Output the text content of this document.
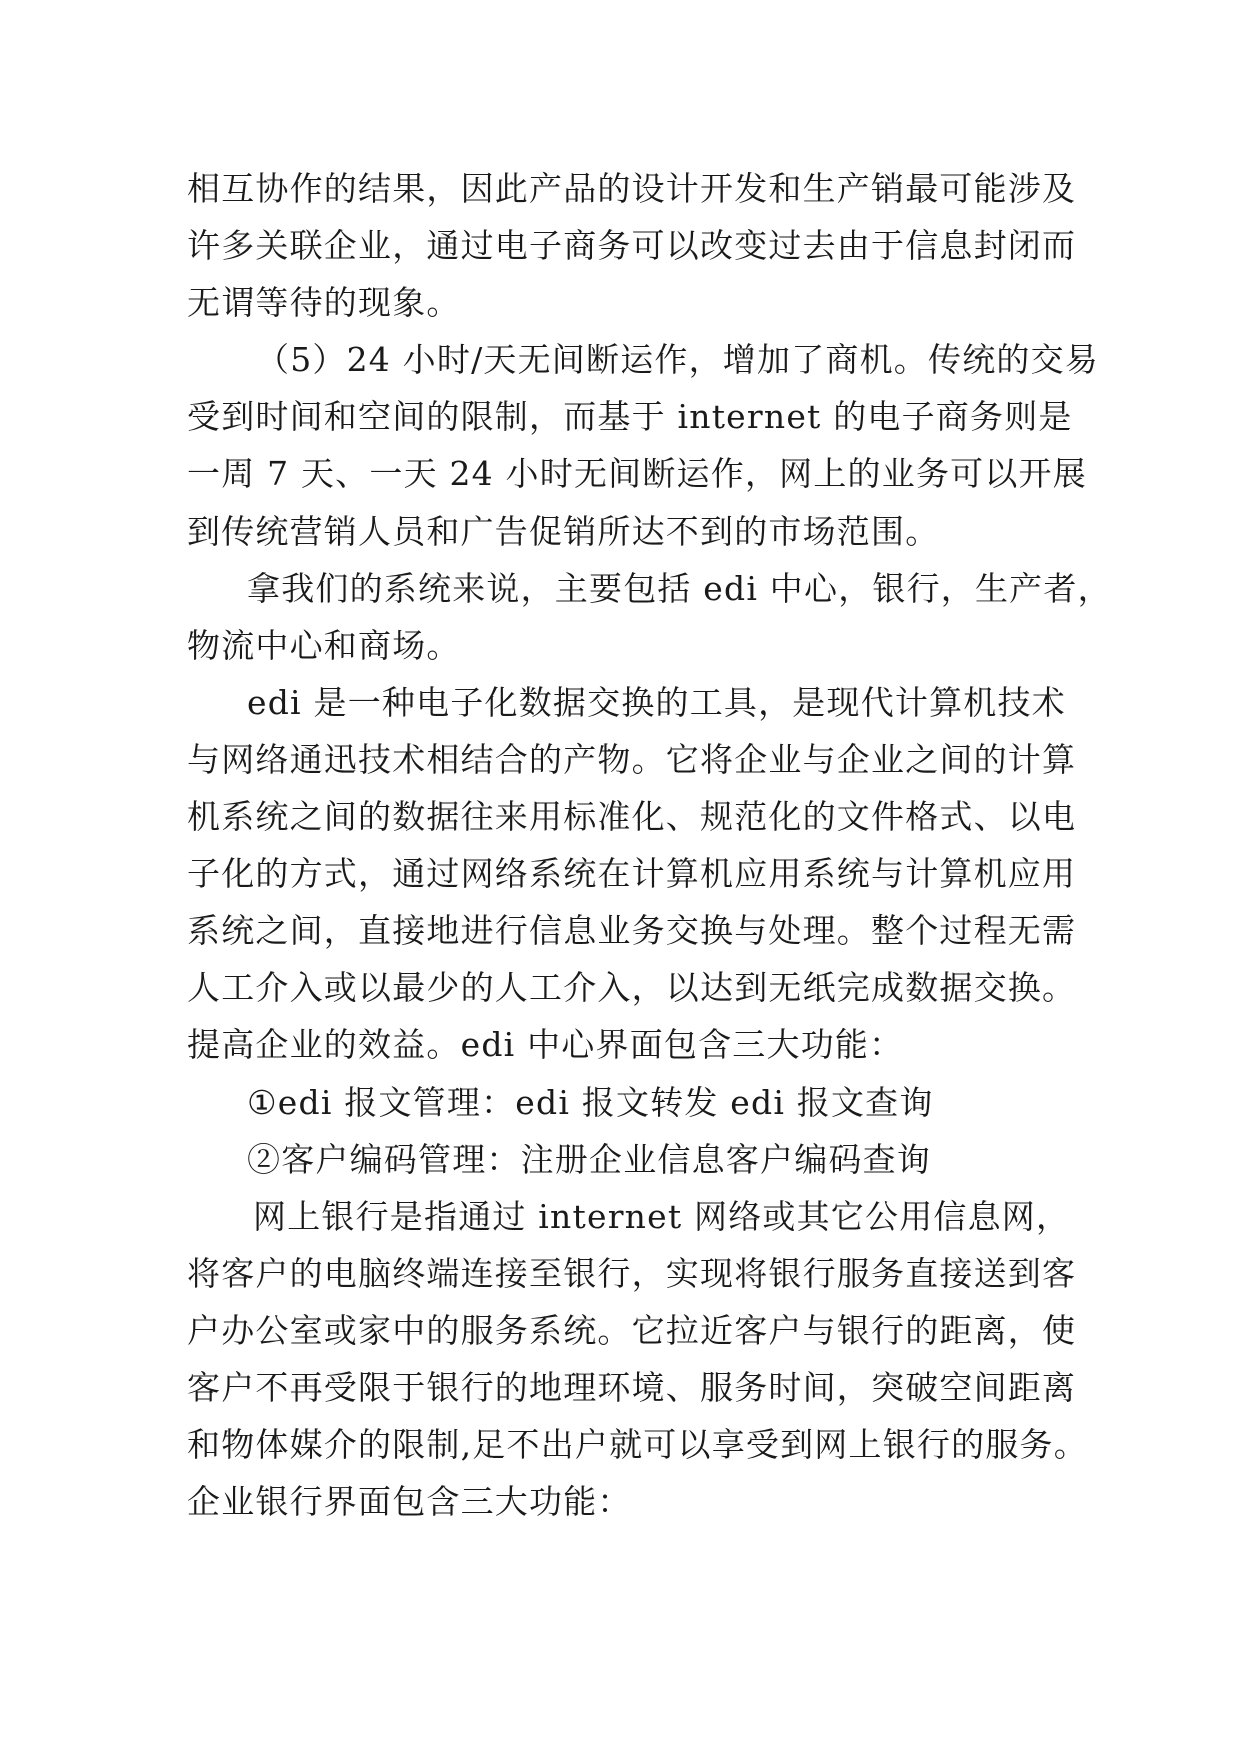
相互协作的结果，因此产品的设计开发和生产销最可能涉及
许多关联企业，通过电子商务可以改变过去由于信息封闭而
无谓等待的现象。
（5）24 小时/天无间断运作，增加了商机。传统的交易
受到时间和空间的限制，而基于 internet 的电子商务则是
一周 7 天、一天 24 小时无间断运作，网上的业务可以开展
到传统营销人员和广告促销所达不到的市场范围。
拿我们的系统来说，主要包括 edi 中心，银行，生产者，
物流中心和商场。
edi 是一种电子化数据交换的工具，是现代计算机技术
与网络通迅技术相结合的产物。它将企业与企业之间的计算
机系统之间的数据往来用标准化、规范化的文件格式、以电
子化的方式，通过网络系统在计算机应用系统与计算机应用
系统之间，直接地进行信息业务交换与处理。整个过程无需
人工介入或以最少的人工介入，以达到无纸完成数据交换。
提高企业的效益。edi 中心界面包含三大功能：
①edi 报文管理：edi 报文转发 edi 报文查询
②客户编码管理：注册企业信息客户编码查询
网上银行是指通过 internet 网络或其它公用信息网，
将客户的电脑终端连接至银行，实现将银行服务直接送到客
户办公室或家中的服务系统。它拉近客户与银行的距离，使
客户不再受限于银行的地理环境、服务时间，突破空间距离
和物体媒介的限制,足不出户就可以享受到网上银行的服务。
企业银行界面包含三大功能：
